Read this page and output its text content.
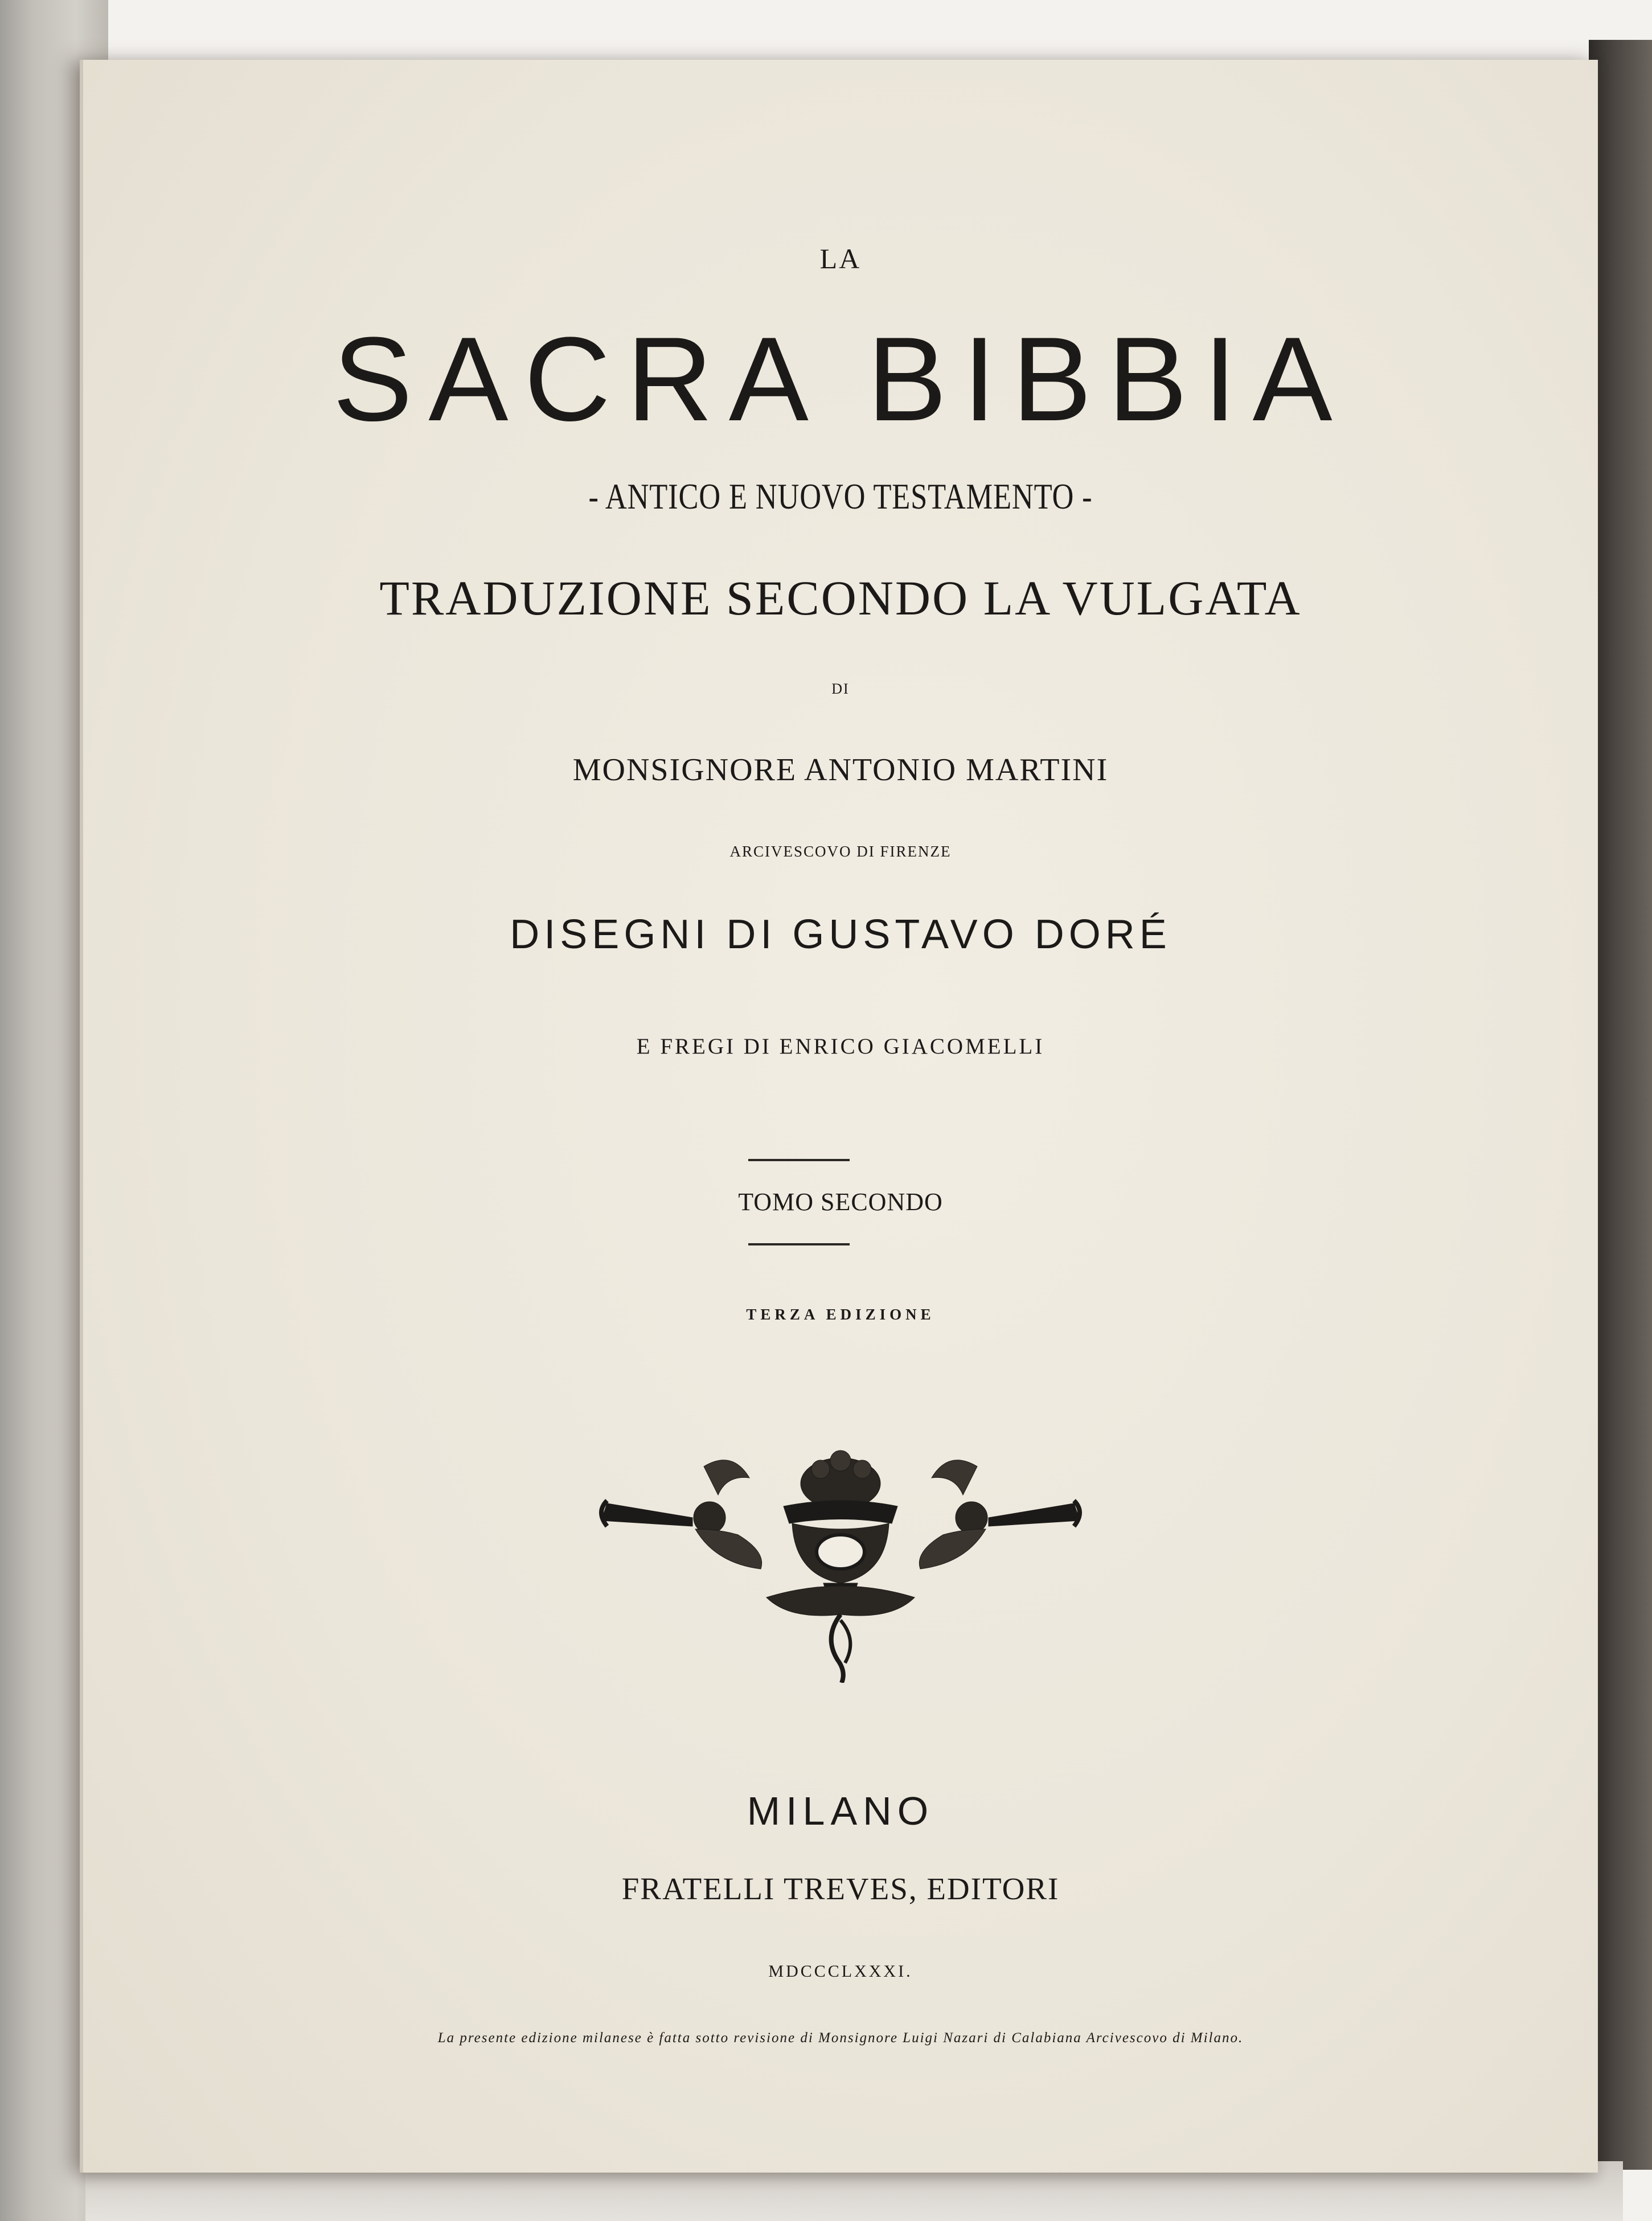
LA
SACRA BIBBIA
- ANTICO E NUOVO TESTAMENTO -
TRADUZIONE SECONDO LA VULGATA
DI
MONSIGNORE ANTONIO MARTINI
ARCIVESCOVO DI FIRENZE
DISEGNI DI GUSTAVO DORÉ
E FREGI DI ENRICO GIACOMELLI
TOMO SECONDO
TERZA EDIZIONE
MILANO
FRATELLI TREVES, EDITORI
MDCCCLXXXI.
La presente edizione milanese è fatta sotto revisione di Monsignore Luigi Nazari di Calabiana Arcivescovo di Milano.
